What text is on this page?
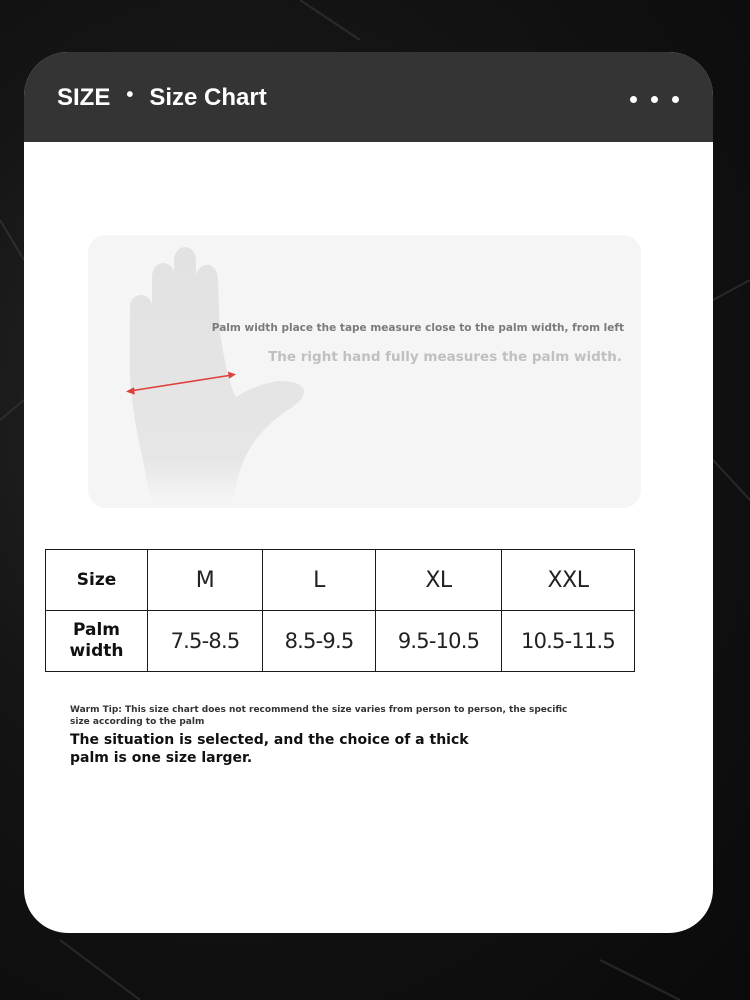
SIZE • Size Chart
Palm width place the tape measure close to the palm width, from left
The right hand fully measures the palm width.
Size	M	L	XL	XXL
Palm width	7.5-8.5	8.5-9.5	9.5-10.5	10.5-11.5
Warm Tip: This size chart does not recommend the size varies from person to person, the specific size according to the palm
The situation is selected, and the choice of a thick palm is one size larger.
